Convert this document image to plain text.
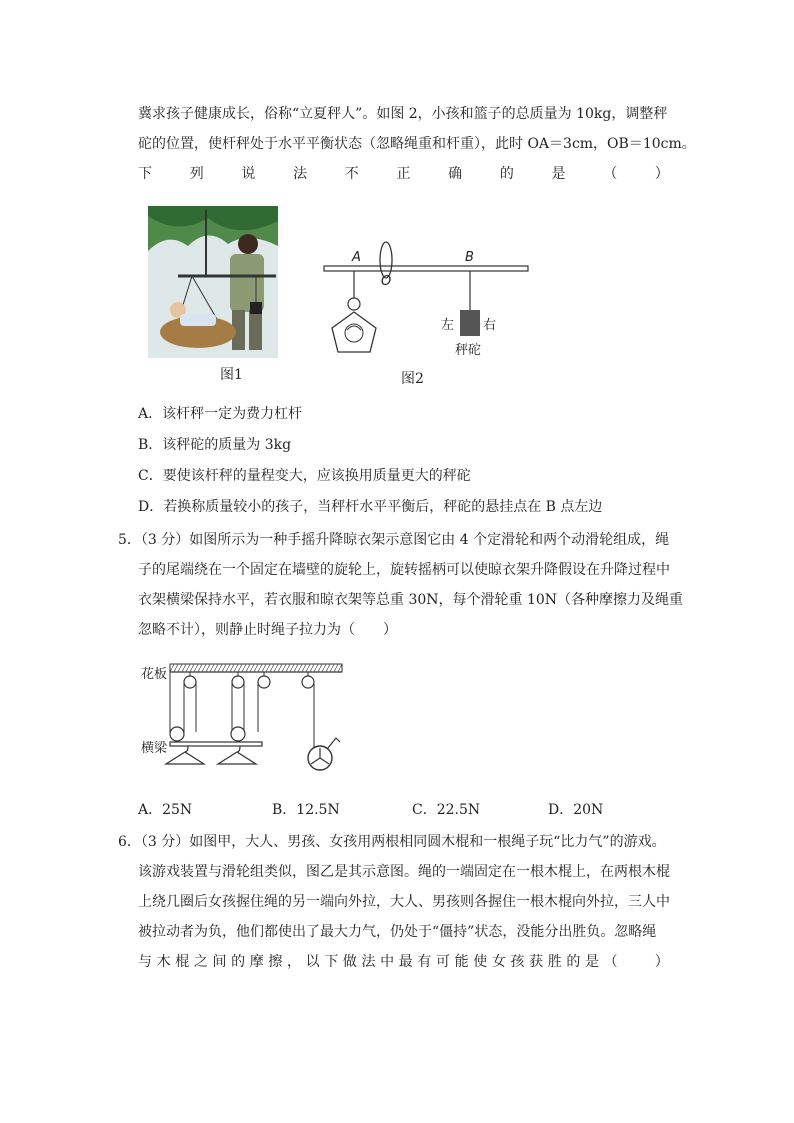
冀求孩子健康成长，俗称“立夏秤人”。如图 2，小孩和篮子的总质量为 10kg，调整秤
砣的位置，使杆秤处于水平平衡状态（忽略绳重和杆重），此时 OA＝3cm，OB＝10cm。
下	列	说	法	不	正	确	的	是	（	）
图1
A
O
B
左 右
秤砣
图2
A．该杆秤一定为费力杠杆
B．该秤砣的质量为 3kg
C．要使该杆秤的量程变大，应该换用质量更大的秤砣
D．若换称质量较小的孩子，当秤杆水平平衡后，秤砣的悬挂点在 B 点左边
5．（3 分）如图所示为一种手摇升降晾衣架示意图它由 4 个定滑轮和两个动滑轮组成，绳
子的尾端绕在一个固定在墙壁的旋轮上，旋转摇柄可以使晾衣架升降假设在升降过程中
衣架横梁保持水平，若衣服和晾衣架等总重 30N，每个滑轮重 10N（各种摩擦力及绳重
忽略不计），则静止时绳子拉力为（　　）
花板
横梁
A．25N	B．12.5N	C．22.5N	D．20N
6．（3 分）如图甲，大人、男孩、女孩用两根相同圆木棍和一根绳子玩“比力气”的游戏。
该游戏装置与滑轮组类似，图乙是其示意图。绳的一端固定在一根木棍上，在两根木棍
上绕几圈后女孩握住绳的另一端向外拉，大人、男孩则各握住一根木棍向外拉，三人中
被拉动者为负，他们都使出了最大力气，仍处于“僵持”状态，没能分出胜负。忽略绳
与 木 棍 之 间 的 摩 擦 ， 以 下 做 法 中 最 有 可 能 使 女 孩 获 胜 的 是 （
　　	）
